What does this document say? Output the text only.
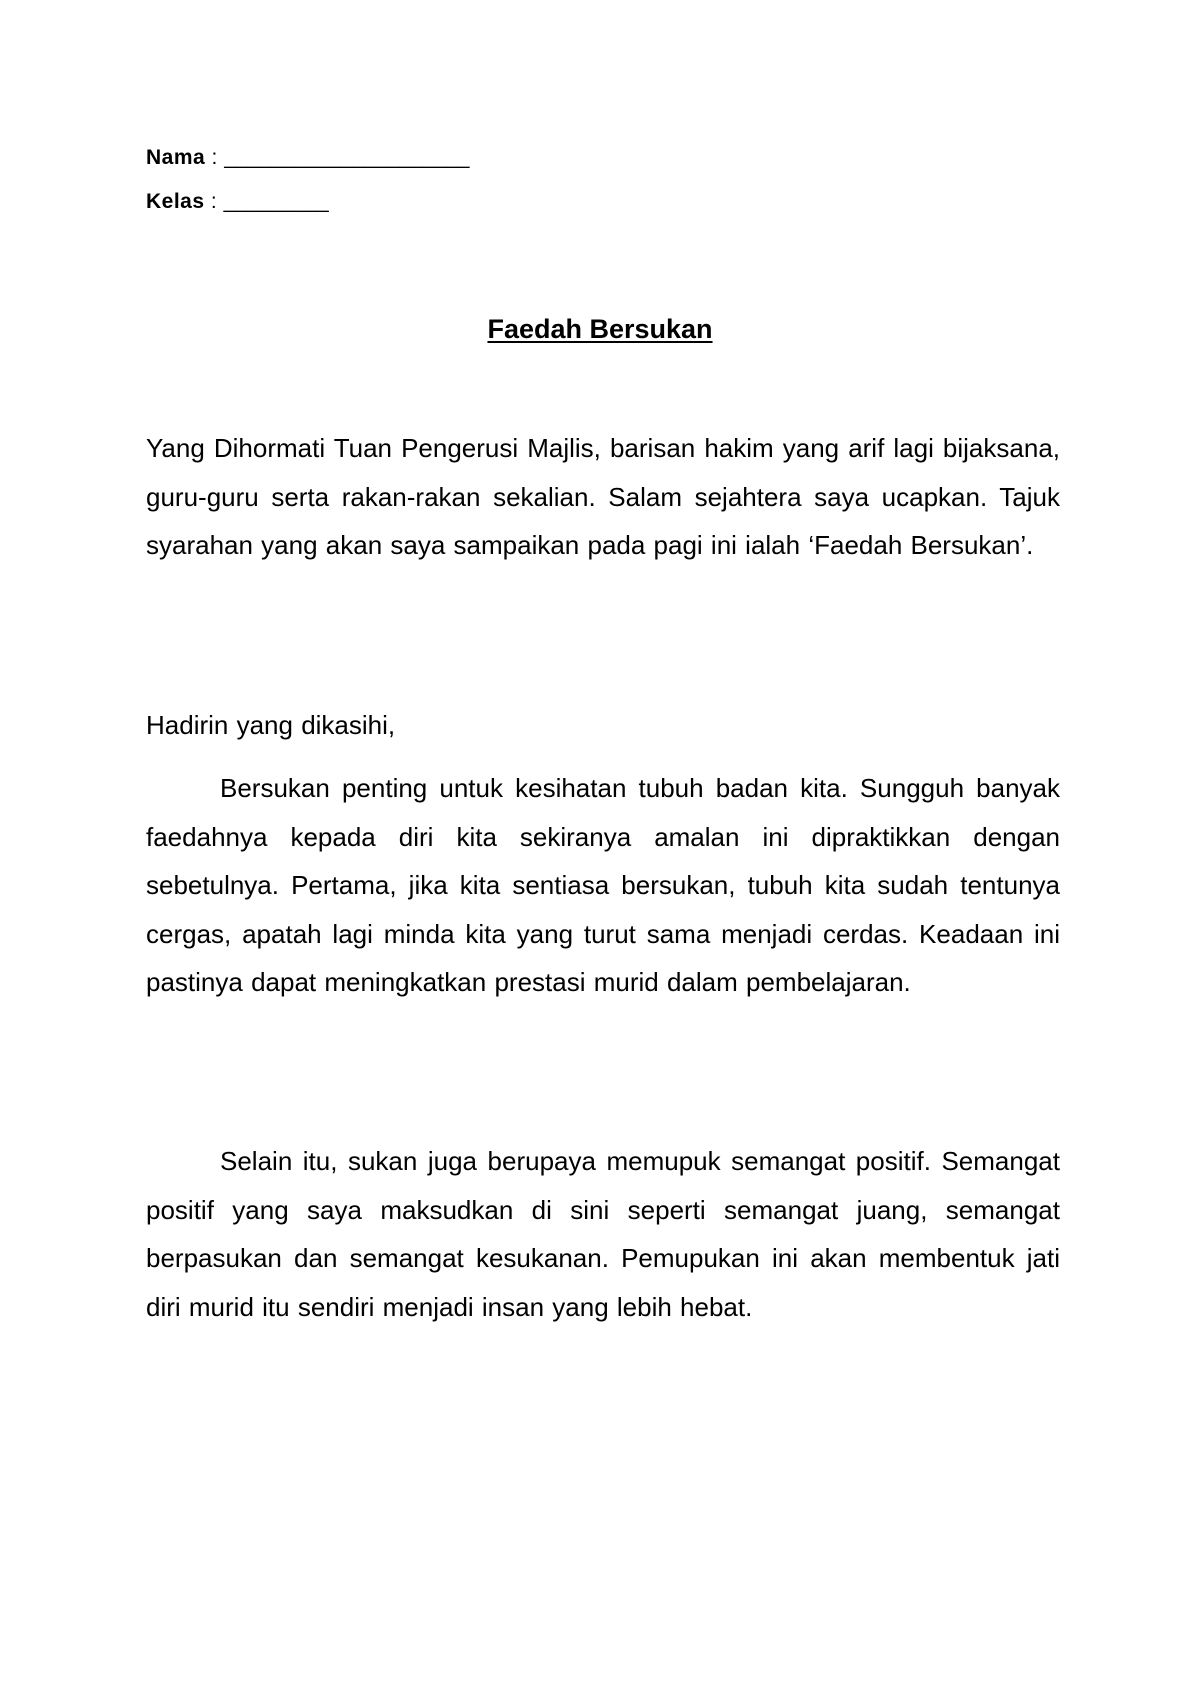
Nama : _____________________
Kelas : _________
Faedah Bersukan

Yang Dihormati Tuan Pengerusi Majlis, barisan hakim yang arif lagi bijaksana, guru-guru serta rakan-rakan sekalian. Salam sejahtera saya ucapkan. Tajuk syarahan yang akan saya sampaikan pada pagi ini ialah ‘Faedah Bersukan’.

Hadirin yang dikasihi,

Bersukan penting untuk kesihatan tubuh badan kita. Sungguh banyak faedahnya kepada diri kita sekiranya amalan ini dipraktikkan dengan sebetulnya. Pertama, jika kita sentiasa bersukan, tubuh kita sudah tentunya cergas, apatah lagi minda kita yang turut sama menjadi cerdas. Keadaan ini pastinya dapat meningkatkan prestasi murid dalam pembelajaran.

Selain itu, sukan juga berupaya memupuk semangat positif. Semangat positif yang saya maksudkan di sini seperti semangat juang, semangat berpasukan dan semangat kesukanan. Pemupukan ini akan membentuk jati diri murid itu sendiri menjadi insan yang lebih hebat.
